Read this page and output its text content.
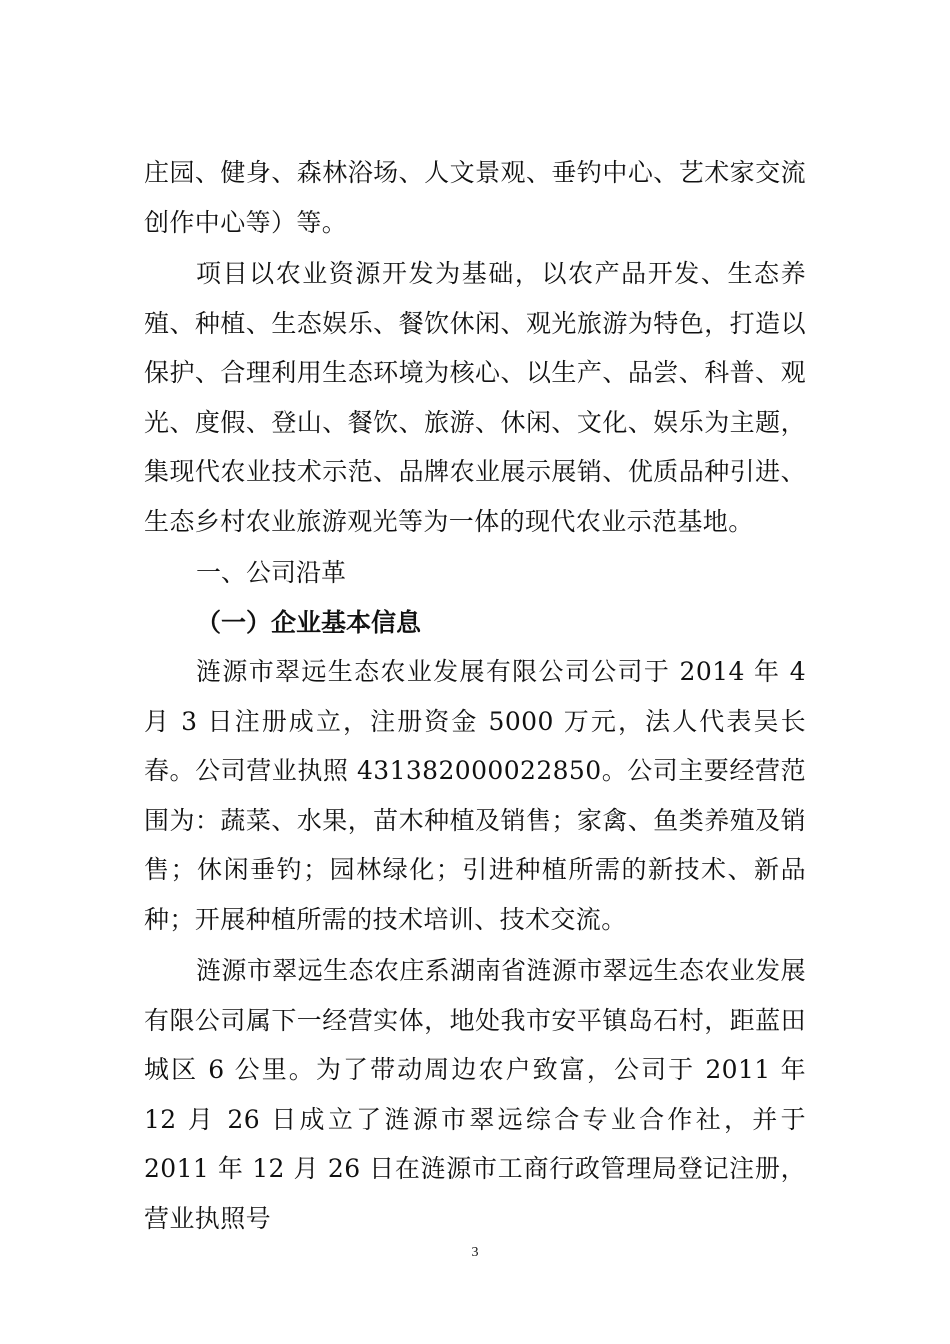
庄园、健身、森林浴场、人文景观、垂钓中心、艺术家交流创作中心等）等。

项目以农业资源开发为基础，以农产品开发、生态养殖、种植、生态娱乐、餐饮休闲、观光旅游为特色，打造以保护、合理利用生态环境为核心、以生产、品尝、科普、观光、度假、登山、餐饮、旅游、休闲、文化、娱乐为主题，集现代农业技术示范、品牌农业展示展销、优质品种引进、生态乡村农业旅游观光等为一体的现代农业示范基地。

一、公司沿革
（一）企业基本信息

涟源市翠远生态农业发展有限公司公司于 2014 年 4 月 3 日注册成立，注册资金 5000 万元，法人代表吴长春。公司营业执照 431382000022850。公司主要经营范围为：蔬菜、水果，苗木种植及销售；家禽、鱼类养殖及销售；休闲垂钓；园林绿化；引进种植所需的新技术、新品种；开展种植所需的技术培训、技术交流。

涟源市翠远生态农庄系湖南省涟源市翠远生态农业发展有限公司属下一经营实体，地处我市安平镇岛石村，距蓝田城区 6 公里。为了带动周边农户致富，公司于 2011 年 12 月 26 日成立了涟源市翠远综合专业合作社，并于 2011 年 12 月 26 日在涟源市工商行政管理局登记注册，营业执照号

3
